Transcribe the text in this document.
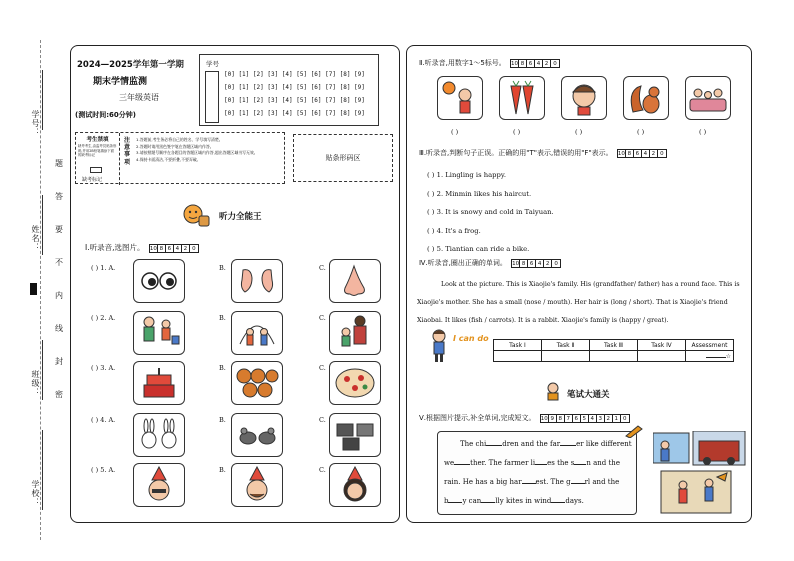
学号：
姓名：
班级：
学校：
题
答
要
不
内
线
封
密
2024—2025学年第一学期
期末学情监测
三年级英语
(测试时间:60分钟)
学号
[0] [1] [2] [3] [4] [5] [6] [7] [8] [9]
[0] [1] [2] [3] [4] [5] [6] [7] [8] [9]
[0] [1] [2] [3] [4] [5] [6] [7] [8] [9]
[0] [1] [2] [3] [4] [5] [6] [7] [8] [9]
考生禁填
缺考考生,由监考员贴条形码,并用2B铅笔填涂下面的缺考标记
缺考标记
注意事项
1.答题前,考生务必将自己的姓名、学号填写清楚。
2.答题时请用黑色签字笔在答题区域内作答。
3.请按照题号顺序在各题目的答题区域内作答,超出答题区域书写无效。
4.保持卡面清洁,不要折叠,不要弄破。	贴条形码区
听力全能王
Ⅰ.听录音,选图片。 10 8 6 4 2 0
( ) 1. A.	B.	C.
( ) 2. A.	B.	C.
( ) 3. A.	B.	C.
( ) 4. A.	B.	C.
( ) 5. A.	B.	C.
Ⅱ.听录音,用数字1～5标号。 10 8 6 4 2 0
( )	( )	( )	( )	( )
Ⅲ.听录音,判断句子正误。正确的用"T"表示,错误的用"F"表示。 10 8 6 4 2 0
( ) 1. Lingling is happy.
( ) 2. Minmin likes his haircut.
( ) 3. It is snowy and cold in Taiyuan.
( ) 4. It's a frog.
( ) 5. Tiantian can ride a bike.
Ⅳ.听录音,圈出正确的单词。 10 8 6 4 2 0
Look at the picture. This is Xiaojie's family. His (grandfather/ father) has a round face. This is
Xiaojie's mother. She has a small (nose / mouth). Her hair is (long / short). That is Xiaojie's friend
Xiaobai. It likes (fish / carrots). It is a rabbit. Xiaojie's family is (happy / great).
I can do
Task Ⅰ	Task Ⅱ	Task Ⅲ	Task Ⅳ	Assessment
				☆
笔试大通关
Ⅴ.根据图片提示,补全单词,完成短文。 10 9 8 7 6 5 4 3 2 1 0
The chi dren and the far er like different
we ther. The farmer li es the s n and the
rain. He has a big har est. The g rl and the
b y can lly kites in wind days.
